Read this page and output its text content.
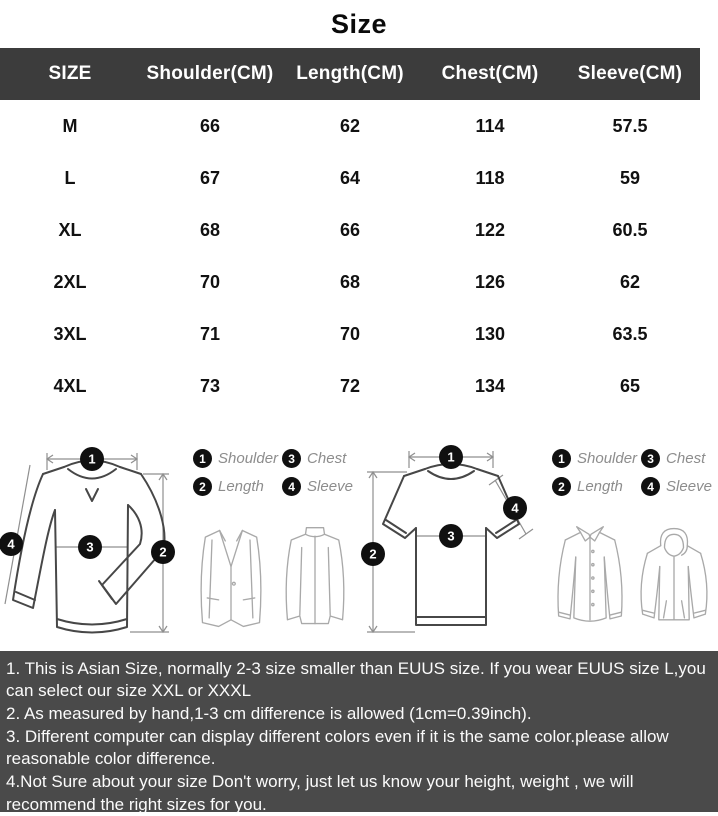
Size
SIZE	Shoulder(CM)	Length(CM)	Chest(CM)	Sleeve(CM)
M	66	62	114	57.5
L	67	64	118	59
XL	68	66	122	60.5
2XL	70	68	126	62
3XL	71	70	130	63.5
4XL	73	72	134	65
1
4	3	2
1 Shoulder 3 Chest
2 Length	4 Sleeve
1
2
3
4
1 Shoulder 3 Chest
2 Length	4 Sleeve

1. This is Asian Size, normally 2-3 size smaller than EUUS size. If you wear EUUS size L,you can select our size XXL or XXXL

2. As measured by hand,1-3 cm difference is allowed (1cm=0.39inch).

3. Different computer can display different colors even if it is the same color.please allow reasonable color difference.

4.Not Sure about your size Don't worry, just let us know your height, weight , we will recommend the right sizes for you.
